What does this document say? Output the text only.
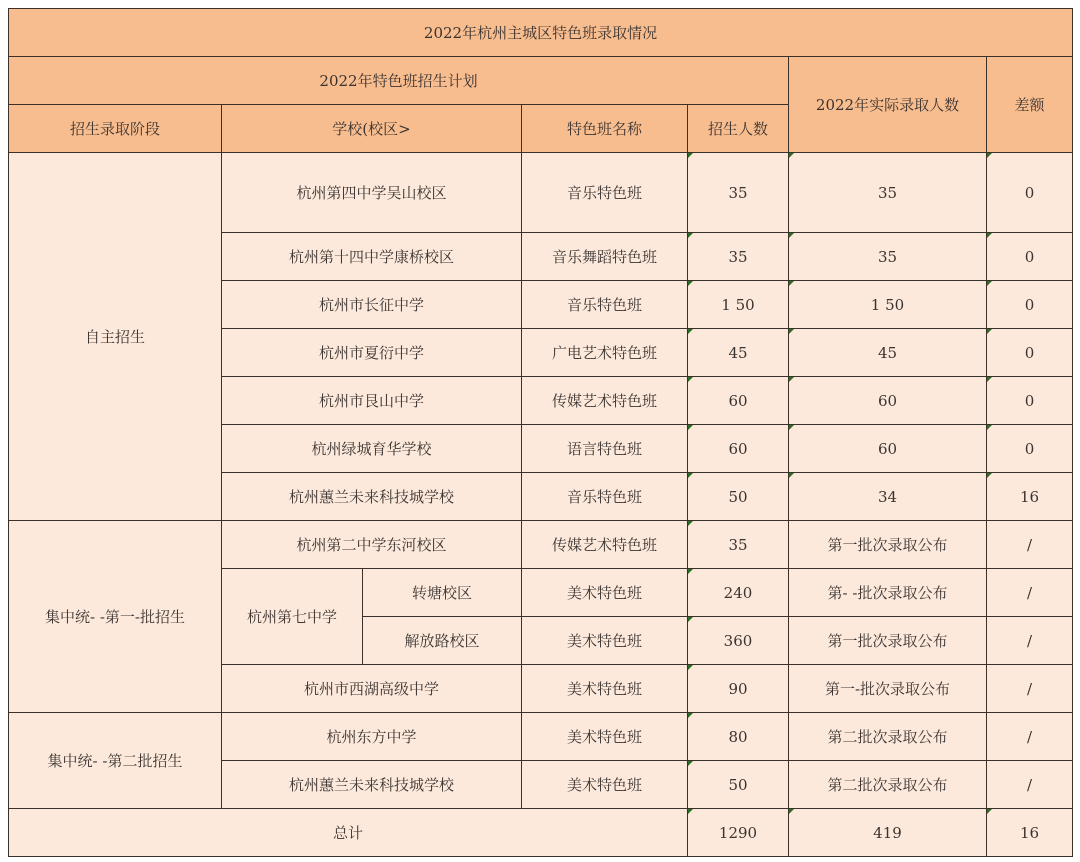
2022年杭州主城区特色班录取情况						
2022年特色班招生计划					2022年实际录取人数	差额
招生录取阶段	学校(校区>		特色班名称	招生人数		
自主招生	杭州第四中学吴山校区		音乐特色班	35	35	0
	杭州第十四中学康桥校区		音乐舞蹈特色班	35	35	0
	杭州市长征中学		音乐特色班	1 50	1 50	0
	杭州市夏衍中学		广电艺术特色班	45	45	0
	杭州市艮山中学		传媒艺术特色班	60	60	0
	杭州绿城育华学校		语言特色班	60	60	0
	杭州蕙兰未来科技城学校		音乐特色班	50	34	16
集中统- -第一-批招生	杭州第二中学东河校区		传媒艺术特色班	35	第一批次录取公布	/
	杭州第七中学	转塘校区	美术特色班	240	第- -批次录取公布	/
		解放路校区	美术特色班	360	第一批次录取公布	/
	杭州市西湖高级中学		美术特色班	90	第一-批次录取公布	/
集中统- -第二批招生	杭州东方中学		美术特色班	80	第二批次录取公布	/
	杭州蕙兰未来科技城学校		美术特色班	50	第二批次录取公布	/
总计				1290	419	16
